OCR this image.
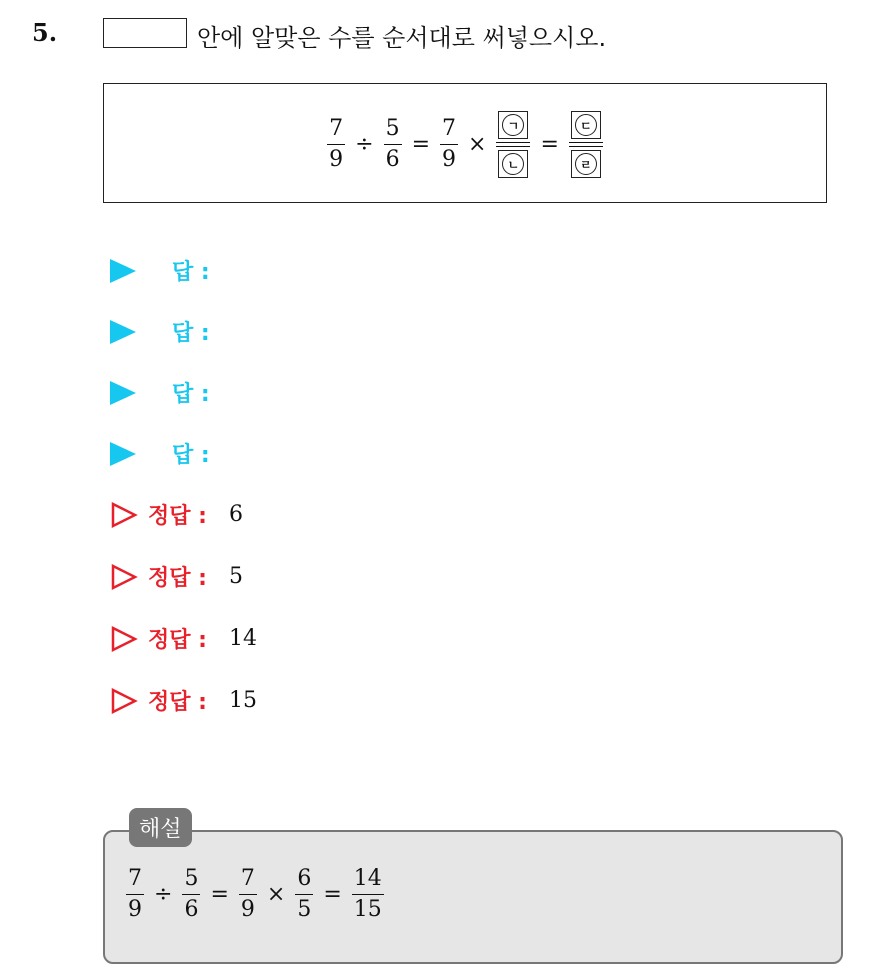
5.	안에 알맞은 수를 순서대로 써넣으시오.
$\frac{7}{9} \div \frac{5}{6} = \frac{7}{9} \times \frac{\text{ㄱ}}{\text{ㄴ}} = \frac{\text{ㄷ}}{\text{ㄹ}}$
답 :
답 :
답 :
답 :
정답 : 6
정답 : 5
정답 : 14
정답 : 15
해설
$\frac{7}{9} \div \frac{5}{6} = \frac{7}{9} \times \frac{6}{5} = \frac{14}{15}$
